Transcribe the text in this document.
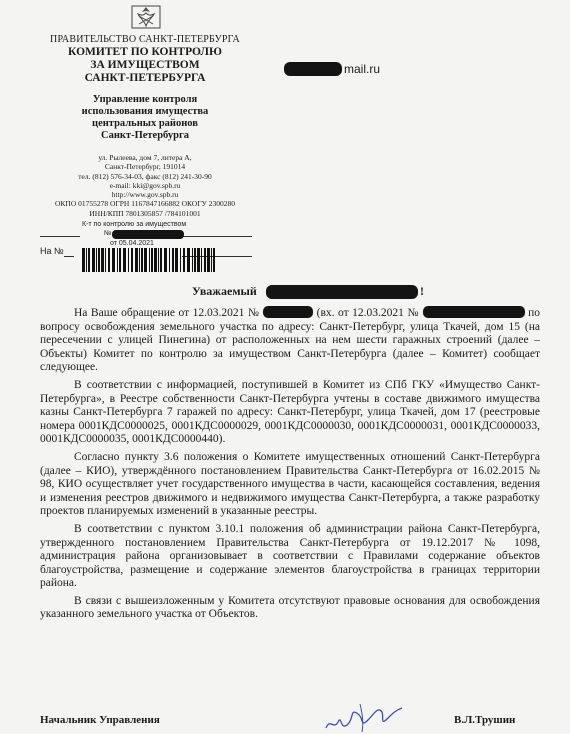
ПРАВИТЕЛЬСТВО САНКТ-ПЕТЕРБУРГА
КОМИТЕТ ПО КОНТРОЛЮ
ЗА ИМУЩЕСТВОМ
САНКТ-ПЕТЕРБУРГА
Управление контроля
использования имущества
центральных районов
Санкт-Петербурга
ул. Рылеева, дом 7, литера А,
Санкт-Петербург, 191014
тел. (812) 576-34-03, факс (812) 241-30-90
e-mail: kki@gov.spb.ru
http://www.gov.spb.ru
ОКПО 01755278 ОГРН 1167847166882 ОКОГУ 2300280
ИНН/КПП 7801305857 /784101001
mail.ru
К-т по контролю за имуществом
№
от 05.04.2021
На №
Уважаемый	!

На Ваше обращение от 12.03.2021 №	(вх. от 12.03.2021 №	по вопросу освобождения земельного участка по адресу: Санкт-Петербург, улица Ткачей, дом 15 (на пересечении с улицей Пинегина) от расположенных на нем шести гаражных строений (далее – Объекты) Комитет по контролю за имуществом Санкт-Петербурга (далее – Комитет) сообщает следующее.

В соответствии с информацией, поступившей в Комитет из СПб ГКУ «Имущество Санкт-Петербурга», в Реестре собственности Санкт-Петербурга учтены в составе движимого имущества казны Санкт-Петербурга 7 гаражей по адресу: Санкт-Петербург, улица Ткачей, дом 17 (реестровые номера 0001КДС0000025, 0001КДС0000029, 0001КДС0000030, 0001КДС0000031, 0001КДС0000033, 0001КДС0000035, 0001КДС0000440).

Согласно пункту 3.6 положения о Комитете имущественных отношений Санкт-Петербурга (далее – КИО), утверждённого постановлением Правительства Санкт-Петербурга от 16.02.2015 № 98, КИО осуществляет учет государственного имущества в части, касающейся составления, ведения и изменения реестров движимого и недвижимого имущества Санкт-Петербурга, а также разработку проектов планируемых изменений в указанные реестры.

В соответствии с пунктом 3.10.1 положения об администрации района Санкт-Петербурга, утвержденного постановлением Правительства Санкт-Петербурга от 19.12.2017 № 1098, администрация района организовывает в соответствии с Правилами содержание объектов благоустройства, размещение и содержание элементов благоустройства в границах территории района.

В связи с вышеизложенным у Комитета отсутствуют правовые основания для освобождения указанного земельного участка от Объектов.

Начальник Управления	В.Л.Трушин
